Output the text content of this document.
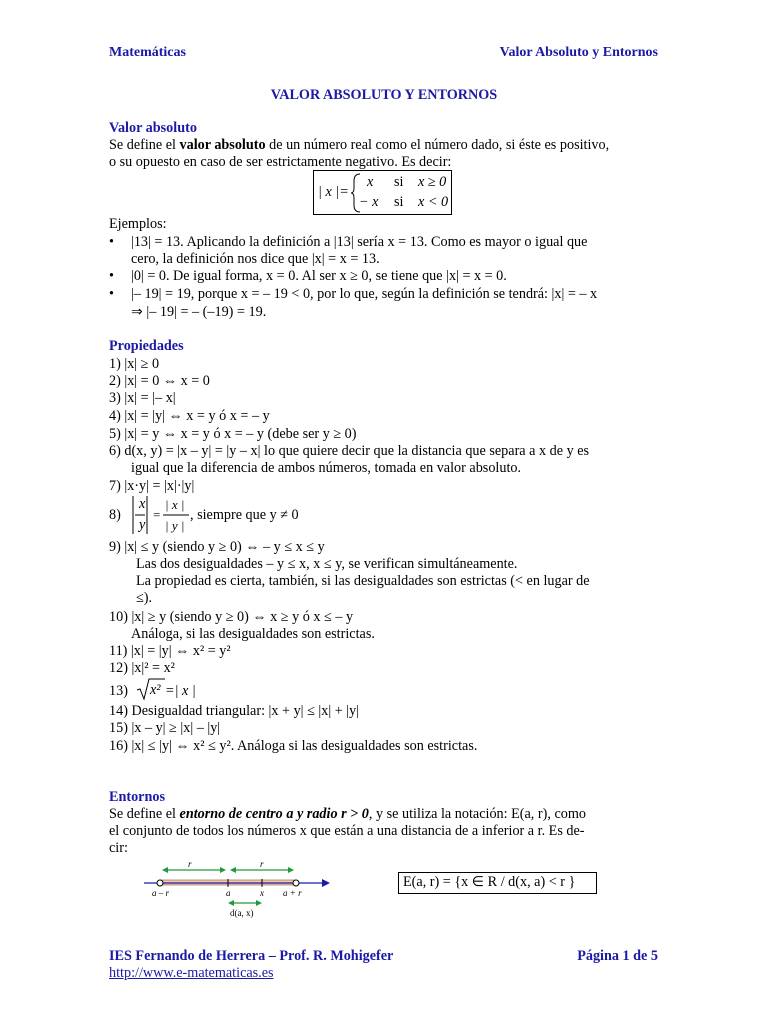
Matemáticas	Valor Absoluto y Entornos
VALOR ABSOLUTO Y ENTORNOS
Valor absoluto
Se define el valor absoluto de un número real como el número dado, si éste es positivo,
o su opuesto en caso de ser estrictamente negativo. Es decir:
| x |=
x si x ≥ 0
− x si x < 0
Ejemplos:
• |13| = 13. Aplicando la definición a |13| sería x = 13. Como es mayor o igual que
cero, la definición nos dice que |x| = x = 13.
• |0| = 0. De igual forma, x = 0. Al ser x ≥ 0, se tiene que |x| = x = 0.
• |– 19| = 19, porque x = – 19 < 0, por lo que, según la definición se tendrá: |x| = – x
⇒ |– 19| = – (–19) = 19.
Propiedades
1) |x| ≥ 0
2) |x| = 0 ⇔ x = 0
3) |x| = |– x|
4) |x| = |y| ⇔ x = y ó x = – y
5) |x| = y ⇔ x = y ó x = – y (debe ser y ≥ 0)
6) d(x, y) = |x – y| = |y – x| lo que quiere decir que la distancia que separa a x de y es
igual que la diferencia de ambos números, tomada en valor absoluto.
7) |x·y| = |x|·|y|
8) =
x
y
| x |
| y |
, siempre que y ≠ 0
9) |x| ≤ y (siendo y ≥ 0) ⇔ – y ≤ x ≤ y
Las dos desigualdades – y ≤ x, x ≤ y, se verifican simultáneamente.
La propiedad es cierta, también, si las desigualdades son estrictas (< en lugar de
≤).
10) |x| ≥ y (siendo y ≥ 0) ⇔ x ≥ y ó x ≤ – y
Análoga, si las desigualdades son estrictas.
11) |x| = |y| ⇔ x² = y²
12) |x|² = x²
13) x² =| x |
14) Desigualdad triangular: |x + y| ≤ |x| + |y|
15) |x – y| ≥ |x| – |y|
16) |x| ≤ |y| ⇔ x² ≤ y². Análoga si las desigualdades son estrictas.
Entornos
Se define el entorno de centro a y radio r > 0, y se utiliza la notación: E(a, r), como
el conjunto de todos los números x que están a una distancia de a inferior a r. Es de-
cir:
r	r
a – r	a	x a + r
d(a, x)
E(a, r) = {x ∈ R / d(x, a) < r }
IES Fernando de Herrera – Prof. R. Mohigefer	Página 1 de 5
http://www.e-matematicas.es
